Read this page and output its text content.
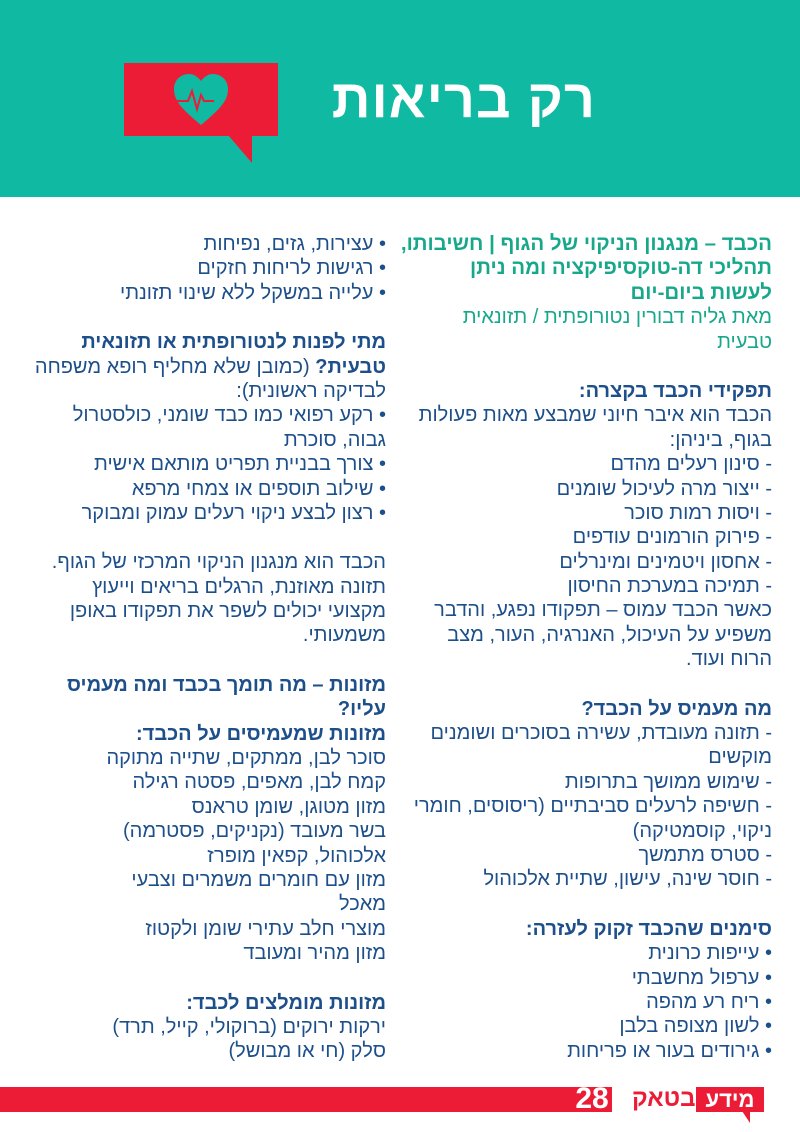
רק בריאות
הכבד – מנגנון הניקוי של הגוף | חשיבותו,
תהליכי דה-טוקסיפיקציה ומה ניתן
לעשות ביום-יום
מאת גליה דבורין נטורופתית / תזונאית
טבעית
תפקידי הכבד בקצרה:
הכבד הוא איבר חיוני שמבצע מאות פעולות
בגוף, ביניהן:
- סינון רעלים מהדם
- ייצור מרה לעיכול שומנים
- ויסות רמות סוכר
- פירוק הורמונים עודפים
- אחסון ויטמינים ומינרלים
- תמיכה במערכת החיסון
כאשר הכבד עמוס – תפקודו נפגע, והדבר
משפיע על העיכול, האנרגיה, העור, מצב
הרוח ועוד.
מה מעמיס על הכבד?
- תזונה מעובדת, עשירה בסוכרים ושומנים
מוקשים
- שימוש ממושך בתרופות
- חשיפה לרעלים סביבתיים (ריסוסים, חומרי
ניקוי, קוסמטיקה)
- סטרס מתמשך
- חוסר שינה, עישון, שתיית אלכוהול
סימנים שהכבד זקוק לעזרה:
• עייפות כרונית
• ערפול מחשבתי
• ריח רע מהפה
• לשון מצופה בלבן
• גירודים בעור או פריחות
• עצירות, גזים, נפיחות
• רגישות לריחות חזקים
• עלייה במשקל ללא שינוי תזונתי
מתי לפנות לנטורופתית או תזונאית
טבעית? (כמובן שלא מחליף רופא משפחה
לבדיקה ראשונית):
• רקע רפואי כמו כבד שומני, כולסטרול
גבוה, סוכרת
• צורך בבניית תפריט מותאם אישית
• שילוב תוספים או צמחי מרפא
• רצון לבצע ניקוי רעלים עמוק ומבוקר
הכבד הוא מנגנון הניקוי המרכזי של הגוף.
תזונה מאוזנת, הרגלים בריאים וייעוץ
מקצועי יכולים לשפר את תפקודו באופן
משמעותי.
מזונות – מה תומך בכבד ומה מעמיס
עליו?
מזונות שמעמיסים על הכבד:
סוכר לבן, ממתקים, שתייה מתוקה
קמח לבן, מאפים, פסטה רגילה
מזון מטוגן, שומן טראנס
בשר מעובד (נקניקים, פסטרמה)
אלכוהול, קפאין מופרז
מזון עם חומרים משמרים וצבעי
מאכל
מוצרי חלב עתירי שומן ולקטוז
מזון מהיר ומעובד
מזונות מומלצים לכבד:
ירקות ירוקים (ברוקולי, קייל, תרד)
סלק (חי או מבושל)
28 בטאק מידע
